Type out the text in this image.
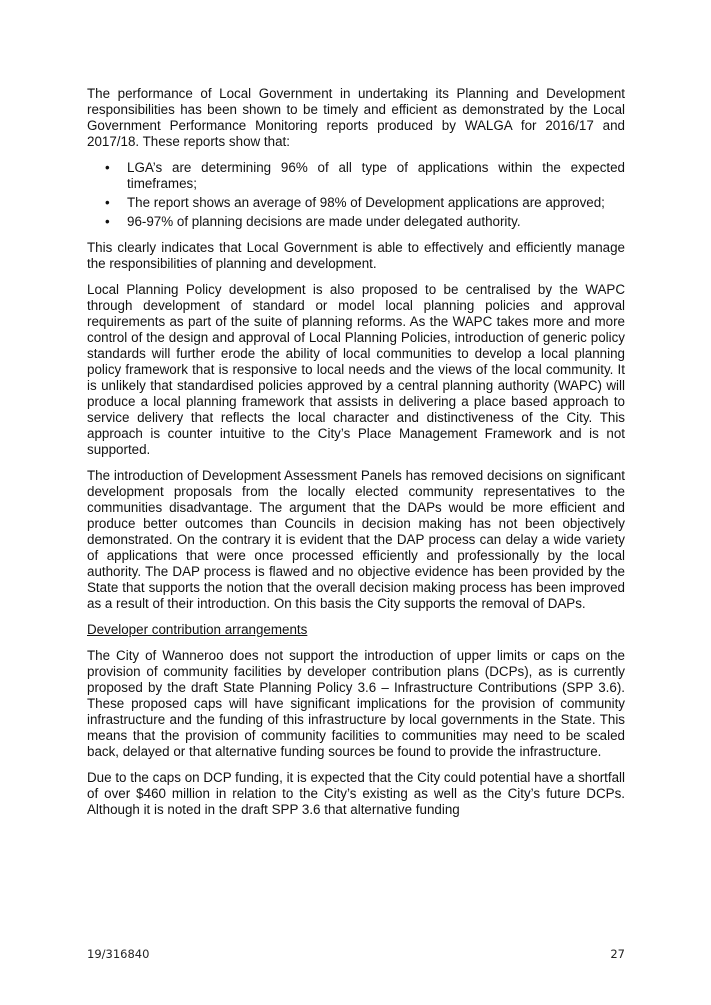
The performance of Local Government in undertaking its Planning and Development responsibilities has been shown to be timely and efficient as demonstrated by the Local Government Performance Monitoring reports produced by WALGA for 2016/17 and 2017/18. These reports show that:

• LGA’s are determining 96% of all type of applications within the expected timeframes;
• The report shows an average of 98% of Development applications are approved;
• 96-97% of planning decisions are made under delegated authority.

This clearly indicates that Local Government is able to effectively and efficiently manage the responsibilities of planning and development.

Local Planning Policy development is also proposed to be centralised by the WAPC through development of standard or model local planning policies and approval requirements as part of the suite of planning reforms. As the WAPC takes more and more control of the design and approval of Local Planning Policies, introduction of generic policy standards will further erode the ability of local communities to develop a local planning policy framework that is responsive to local needs and the views of the local community. It is unlikely that standardised policies approved by a central planning authority (WAPC) will produce a local planning framework that assists in delivering a place based approach to service delivery that reflects the local character and distinctiveness of the City. This approach is counter intuitive to the City’s Place Management Framework and is not supported.

The introduction of Development Assessment Panels has removed decisions on significant development proposals from the locally elected community representatives to the communities disadvantage. The argument that the DAPs would be more efficient and produce better outcomes than Councils in decision making has not been objectively demonstrated. On the contrary it is evident that the DAP process can delay a wide variety of applications that were once processed efficiently and professionally by the local authority. The DAP process is flawed and no objective evidence has been provided by the State that supports the notion that the overall decision making process has been improved as a result of their introduction. On this basis the City supports the removal of DAPs.

Developer contribution arrangements

The City of Wanneroo does not support the introduction of upper limits or caps on the provision of community facilities by developer contribution plans (DCPs), as is currently proposed by the draft State Planning Policy 3.6 – Infrastructure Contributions (SPP 3.6). These proposed caps will have significant implications for the provision of community infrastructure and the funding of this infrastructure by local governments in the State. This means that the provision of community facilities to communities may need to be scaled back, delayed or that alternative funding sources be found to provide the infrastructure.

Due to the caps on DCP funding, it is expected that the City could potential have a shortfall of over $460 million in relation to the City’s existing as well as the City’s future DCPs. Although it is noted in the draft SPP 3.6 that alternative funding

19/316840	27
